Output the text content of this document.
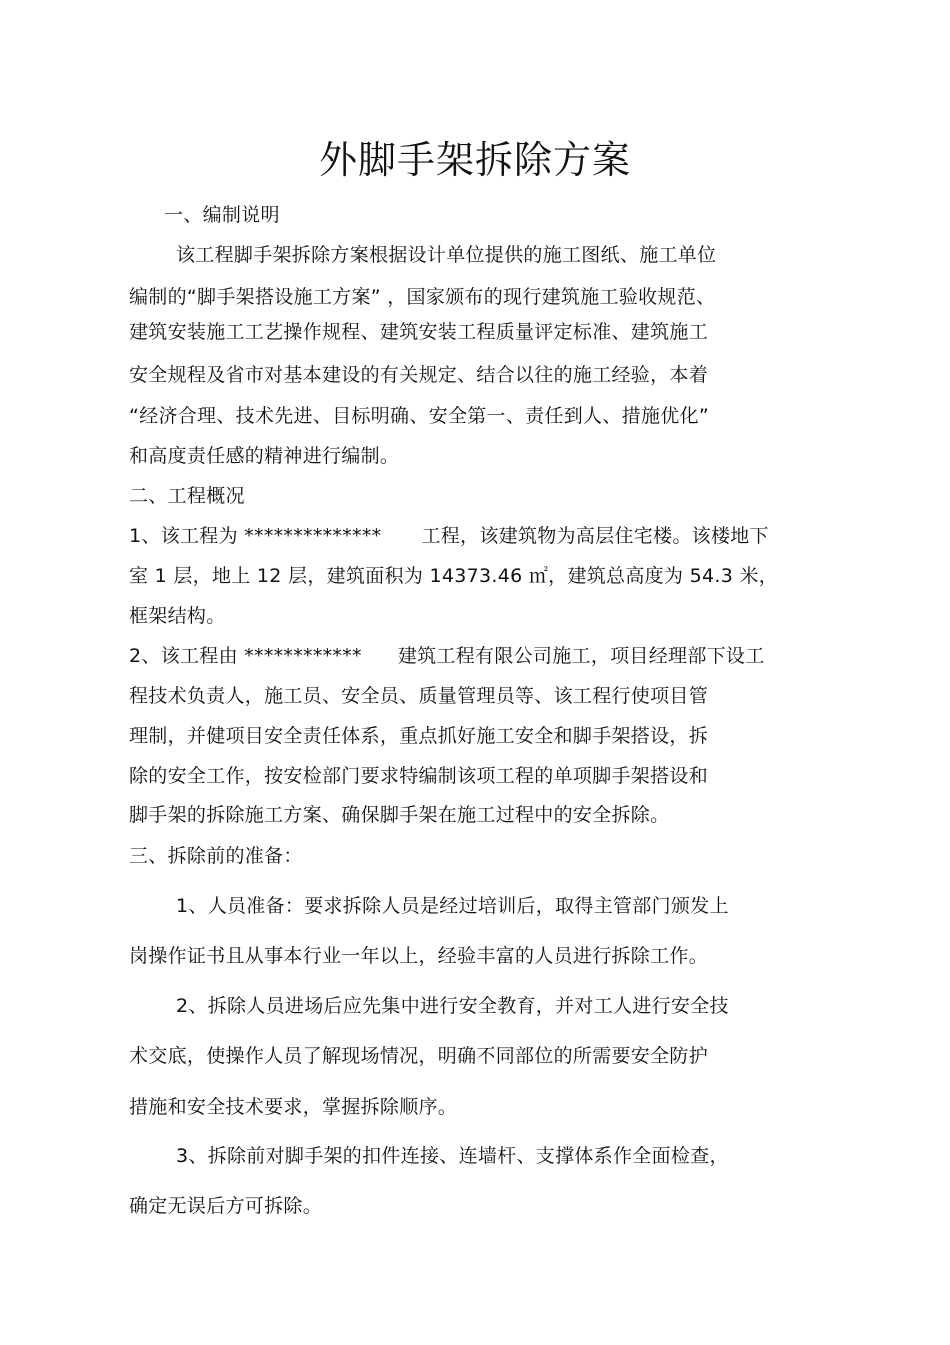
外脚手架拆除方案
一、编制说明
该工程脚手架拆除方案根据设计单位提供的施工图纸、施工单位
编制的“脚手架搭设施工方案” ，国家颁布的现行建筑施工验收规范、
建筑安装施工工艺操作规程、建筑安装工程质量评定标准、建筑施工
安全规程及省市对基本建设的有关规定、结合以往的施工经验，本着
“经济合理、技术先进、目标明确、安全第一、责任到人、措施优化”
和高度责任感的精神进行编制。
二、工程概况
1、该工程为 ************** 工程，该建筑物为高层住宅楼。该楼地下
室 1 层，地上 12 层，建筑面积为 14373.46 ㎡，建筑总高度为 54.3 米，
框架结构。
2、该工程由 ************ 建筑工程有限公司施工，项目经理部下设工
程技术负责人，施工员、安全员、质量管理员等、该工程行使项目管
理制，并健项目安全责任体系，重点抓好施工安全和脚手架搭设，拆
除的安全工作，按安检部门要求特编制该项工程的单项脚手架搭设和
脚手架的拆除施工方案、确保脚手架在施工过程中的安全拆除。
三、拆除前的准备：
1、人员准备：要求拆除人员是经过培训后，取得主管部门颁发上
岗操作证书且从事本行业一年以上，经验丰富的人员进行拆除工作。
2、拆除人员进场后应先集中进行安全教育，并对工人进行安全技
术交底，使操作人员了解现场情况，明确不同部位的所需要安全防护
措施和安全技术要求，掌握拆除顺序。
3、拆除前对脚手架的扣件连接、连墙杆、支撑体系作全面检查，
确定无误后方可拆除。
